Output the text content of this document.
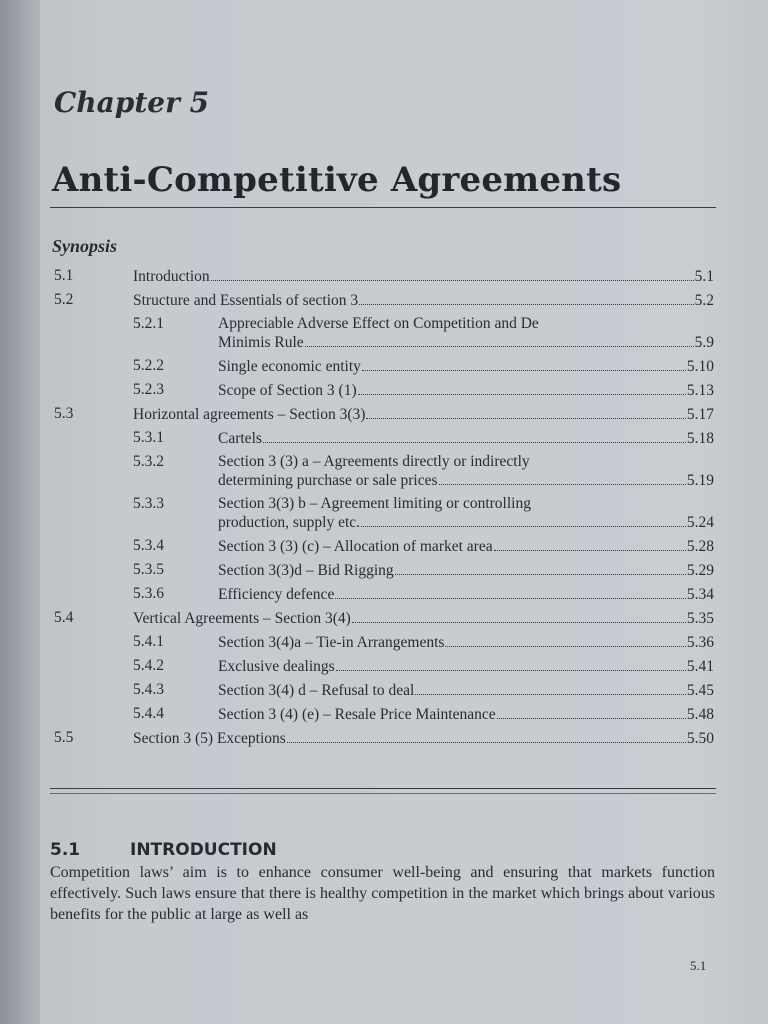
Chapter 5
Anti-Competitive Agreements
Synopsis
5.1	Introduction	5.1
5.2	Structure and Essentials of section 3	5.2
5.2.1	Appreciable Adverse Effect on Competition and De
Minimis Rule	5.9
5.2.2	Single economic entity	5.10
5.2.3	Scope of Section 3 (1)	5.13
5.3	Horizontal agreements – Section 3(3)	5.17
5.3.1	Cartels	5.18
5.3.2	Section 3 (3) a – Agreements directly or indirectly
determining purchase or sale prices	5.19
5.3.3	Section 3(3) b – Agreement limiting or controlling
production, supply etc.	5.24
5.3.4	Section 3 (3) (c) – Allocation of market area	5.28
5.3.5	Section 3(3)d – Bid Rigging	5.29
5.3.6	Efficiency defence	5.34
5.4	Vertical Agreements – Section 3(4)	5.35
5.4.1	Section 3(4)a – Tie-in Arrangements	5.36
5.4.2	Exclusive dealings	5.41
5.4.3	Section 3(4) d – Refusal to deal	5.45
5.4.4	Section 3 (4) (e) – Resale Price Maintenance	5.48
5.5	Section 3 (5) Exceptions	5.50
5.1	INTRODUCTION
Competition laws’ aim is to enhance consumer well-being and ensuring that markets function effectively. Such laws ensure that there is healthy competition in the market which brings about various benefits for the public at large as well as
5.1
